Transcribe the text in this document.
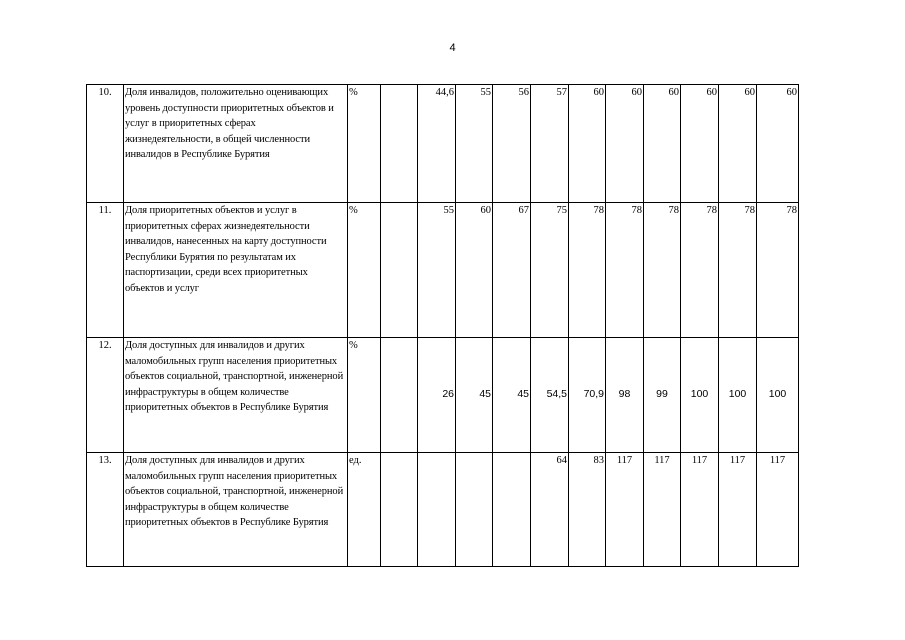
4
10.	Доля инвалидов, положительно оценивающих уровень доступности приоритетных объектов и услуг в приоритетных сферах жизнедеятельности, в общей численности инвалидов в Республике Бурятия	%		44,6	55	56	57	60	60	60	60	60	60
11.	Доля приоритетных объектов и услуг в приоритетных сферах жизнедеятельности инвалидов, нанесенных на карту доступности Республики Бурятия по результатам их паспортизации, среди всех приоритетных объектов и услуг	%		55	60	67	75	78	78	78	78	78	78
12.	Доля доступных для инвалидов и других маломобильных групп населения приоритетных объектов социальной, транспортной, инженерной инфраструктуры в общем количестве приоритетных объектов в Республике Бурятия	%		26	45	45	54,5	70,9	98	99	100	100	100
13.	Доля доступных для инвалидов и других маломобильных групп населения приоритетных объектов социальной, транспортной, инженерной инфраструктуры в общем количестве приоритетных объектов в Республике Бурятия	ед.					64	83	117	117	117	117	117
